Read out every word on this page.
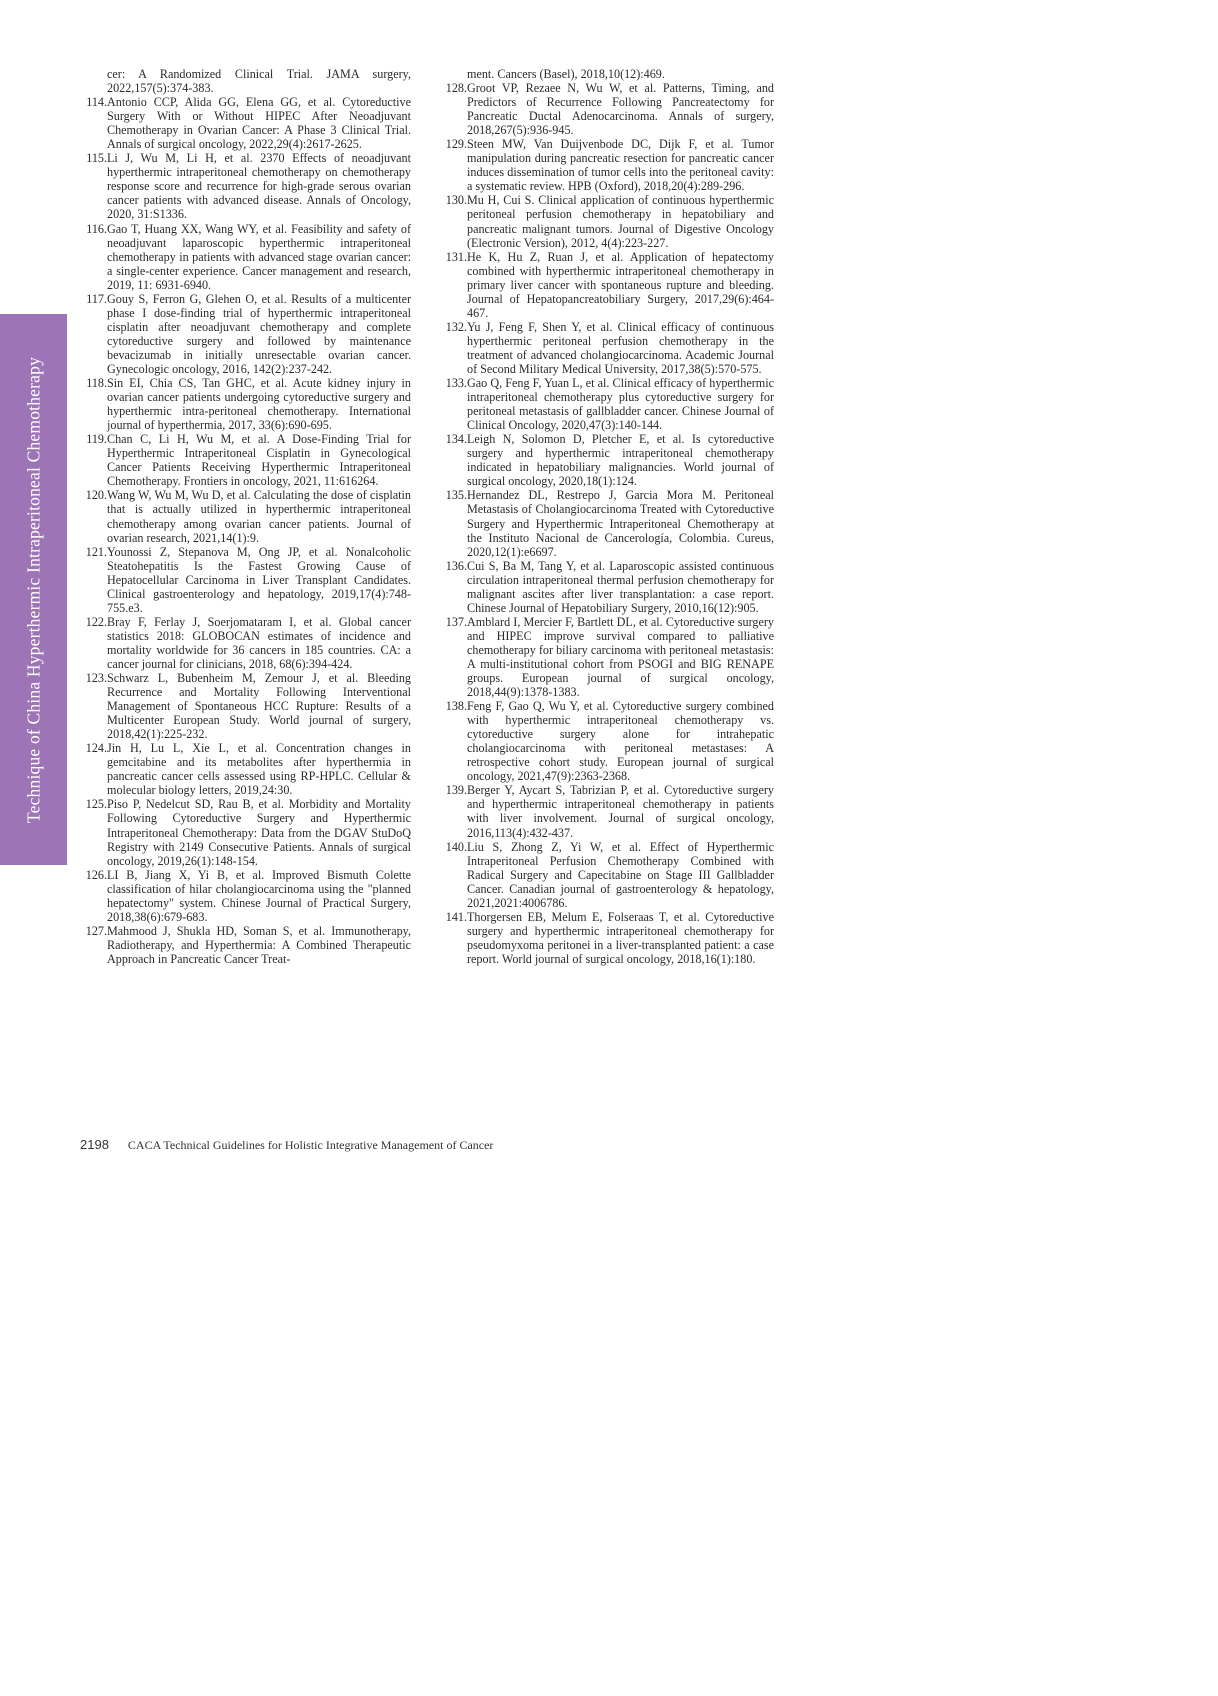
Technique of China Hyperthermic Intraperitoneal Chemotherapy
cer: A Randomized Clinical Trial. JAMA surgery, 2022,157(5):374-383.
114. Antonio CCP, Alida GG, Elena GG, et al. Cytoreductive Surgery With or Without HIPEC After Neoadjuvant Chemotherapy in Ovarian Cancer: A Phase 3 Clinical Trial. Annals of surgical oncology, 2022,29(4):2617-2625.
115. Li J, Wu M, Li H, et al. 2370 Effects of neoadjuvant hyperthermic intraperitoneal chemotherapy on chemotherapy response score and recurrence for high-grade serous ovarian cancer patients with advanced disease. Annals of Oncology, 2020, 31:S1336.
116. Gao T, Huang XX, Wang WY, et al. Feasibility and safety of neoadjuvant laparoscopic hyperthermic intraperitoneal chemotherapy in patients with advanced stage ovarian cancer: a single-center experience. Cancer management and research, 2019, 11: 6931-6940.
117. Gouy S, Ferron G, Glehen O, et al. Results of a multicenter phase I dose-finding trial of hyperthermic intraperitoneal cisplatin after neoadjuvant chemotherapy and complete cytoreductive surgery and followed by maintenance bevacizumab in initially unresectable ovarian cancer. Gynecologic oncology, 2016, 142(2):237-242.
118. Sin EI, Chia CS, Tan GHC, et al. Acute kidney injury in ovarian cancer patients undergoing cytoreductive surgery and hyperthermic intra-peritoneal chemotherapy. International journal of hyperthermia, 2017, 33(6):690-695.
119. Chan C, Li H, Wu M, et al. A Dose-Finding Trial for Hyperthermic Intraperitoneal Cisplatin in Gynecological Cancer Patients Receiving Hyperthermic Intraperitoneal Chemotherapy. Frontiers in oncology, 2021, 11:616264.
120. Wang W, Wu M, Wu D, et al. Calculating the dose of cisplatin that is actually utilized in hyperthermic intraperitoneal chemotherapy among ovarian cancer patients. Journal of ovarian research, 2021,14(1):9.
121. Younossi Z, Stepanova M, Ong JP, et al. Nonalcoholic Steatohepatitis Is the Fastest Growing Cause of Hepatocellular Carcinoma in Liver Transplant Candidates. Clinical gastroenterology and hepatology, 2019,17(4):748-755.e3.
122. Bray F, Ferlay J, Soerjomataram I, et al. Global cancer statistics 2018: GLOBOCAN estimates of incidence and mortality worldwide for 36 cancers in 185 countries. CA: a cancer journal for clinicians, 2018, 68(6):394-424.
123. Schwarz L, Bubenheim M, Zemour J, et al. Bleeding Recurrence and Mortality Following Interventional Management of Spontaneous HCC Rupture: Results of a Multicenter European Study. World journal of surgery, 2018,42(1):225-232.
124. Jin H, Lu L, Xie L, et al. Concentration changes in gemcitabine and its metabolites after hyperthermia in pancreatic cancer cells assessed using RP-HPLC. Cellular & molecular biology letters, 2019,24:30.
125. Piso P, Nedelcut SD, Rau B, et al. Morbidity and Mortality Following Cytoreductive Surgery and Hyperthermic Intraperitoneal Chemotherapy: Data from the DGAV StuDoQ Registry with 2149 Consecutive Patients. Annals of surgical oncology, 2019,26(1):148-154.
126. LI B, Jiang X, Yi B, et al. Improved Bismuth Colette classification of hilar cholangiocarcinoma using the "planned hepatectomy" system. Chinese Journal of Practical Surgery, 2018,38(6):679-683.
127. Mahmood J, Shukla HD, Soman S, et al. Immunotherapy, Radiotherapy, and Hyperthermia: A Combined Therapeutic Approach in Pancreatic Cancer Treat-
ment. Cancers (Basel), 2018,10(12):469.
128. Groot VP, Rezaee N, Wu W, et al. Patterns, Timing, and Predictors of Recurrence Following Pancreatectomy for Pancreatic Ductal Adenocarcinoma. Annals of surgery, 2018,267(5):936-945.
129. Steen MW, Van Duijvenbode DC, Dijk F, et al. Tumor manipulation during pancreatic resection for pancreatic cancer induces dissemination of tumor cells into the peritoneal cavity: a systematic review. HPB (Oxford), 2018,20(4):289-296.
130. Mu H, Cui S. Clinical application of continuous hyperthermic peritoneal perfusion chemotherapy in hepatobiliary and pancreatic malignant tumors. Journal of Digestive Oncology (Electronic Version), 2012, 4(4):223-227.
131. He K, Hu Z, Ruan J, et al. Application of hepatectomy combined with hyperthermic intraperitoneal chemotherapy in primary liver cancer with spontaneous rupture and bleeding. Journal of Hepatopancreatobiliary Surgery, 2017,29(6):464-467.
132. Yu J, Feng F, Shen Y, et al. Clinical efficacy of continuous hyperthermic peritoneal perfusion chemotherapy in the treatment of advanced cholangiocarcinoma. Academic Journal of Second Military Medical University, 2017,38(5):570-575.
133. Gao Q, Feng F, Yuan L, et al. Clinical efficacy of hyperthermic intraperitoneal chemotherapy plus cytoreductive surgery for peritoneal metastasis of gallbladder cancer. Chinese Journal of Clinical Oncology, 2020,47(3):140-144.
134. Leigh N, Solomon D, Pletcher E, et al. Is cytoreductive surgery and hyperthermic intraperitoneal chemotherapy indicated in hepatobiliary malignancies. World journal of surgical oncology, 2020,18(1):124.
135. Hernandez DL, Restrepo J, Garcia Mora M. Peritoneal Metastasis of Cholangiocarcinoma Treated with Cytoreductive Surgery and Hyperthermic Intraperitoneal Chemotherapy at the Instituto Nacional de Cancerología, Colombia. Cureus, 2020,12(1):e6697.
136. Cui S, Ba M, Tang Y, et al. Laparoscopic assisted continuous circulation intraperitoneal thermal perfusion chemotherapy for malignant ascites after liver transplantation: a case report. Chinese Journal of Hepatobiliary Surgery, 2010,16(12):905.
137. Amblard I, Mercier F, Bartlett DL, et al. Cytoreductive surgery and HIPEC improve survival compared to palliative chemotherapy for biliary carcinoma with peritoneal metastasis: A multi-institutional cohort from PSOGI and BIG RENAPE groups. European journal of surgical oncology, 2018,44(9):1378-1383.
138. Feng F, Gao Q, Wu Y, et al. Cytoreductive surgery combined with hyperthermic intraperitoneal chemotherapy vs. cytoreductive surgery alone for intrahepatic cholangiocarcinoma with peritoneal metastases: A retrospective cohort study. European journal of surgical oncology, 2021,47(9):2363-2368.
139. Berger Y, Aycart S, Tabrizian P, et al. Cytoreductive surgery and hyperthermic intraperitoneal chemotherapy in patients with liver involvement. Journal of surgical oncology, 2016,113(4):432-437.
140. Liu S, Zhong Z, Yi W, et al. Effect of Hyperthermic Intraperitoneal Perfusion Chemotherapy Combined with Radical Surgery and Capecitabine on Stage III Gallbladder Cancer. Canadian journal of gastroenterology & hepatology, 2021,2021:4006786.
141. Thorgersen EB, Melum E, Folseraas T, et al. Cytoreductive surgery and hyperthermic intraperitoneal chemotherapy for pseudomyxoma peritonei in a liver-transplanted patient: a case report. World journal of surgical oncology, 2018,16(1):180.
2198 CACA Technical Guidelines for Holistic Integrative Management of Cancer
